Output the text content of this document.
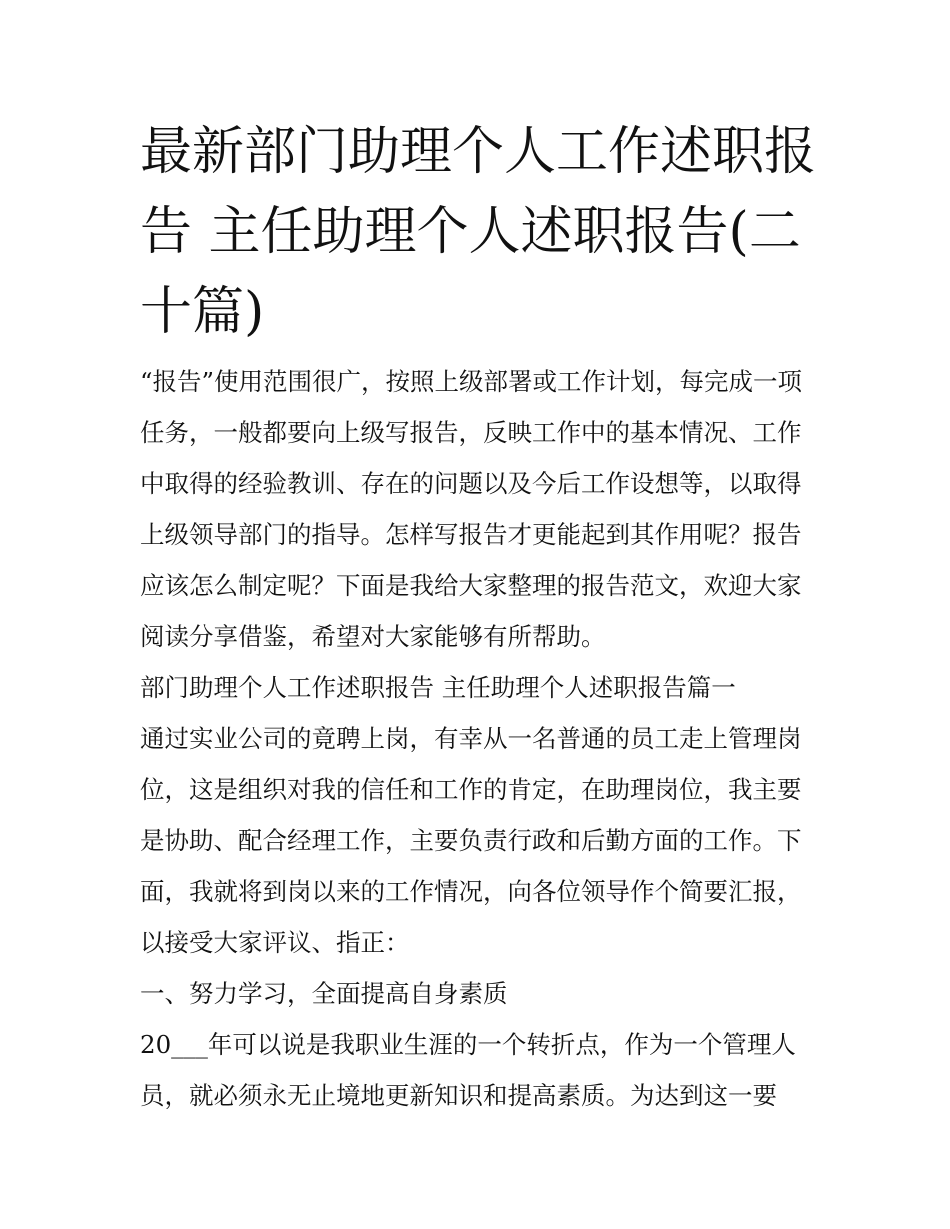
最新部门助理个人工作述职报
告 主任助理个人述职报告(二
十篇)
“报告”使用范围很广，按照上级部署或工作计划，每完成一项
任务，一般都要向上级写报告，反映工作中的基本情况、工作
中取得的经验教训、存在的问题以及今后工作设想等，以取得
上级领导部门的指导。怎样写报告才更能起到其作用呢？报告
应该怎么制定呢？下面是我给大家整理的报告范文，欢迎大家
阅读分享借鉴，希望对大家能够有所帮助。
部门助理个人工作述职报告 主任助理个人述职报告篇一
通过实业公司的竟聘上岗，有幸从一名普通的员工走上管理岗
位，这是组织对我的信任和工作的肯定，在助理岗位，我主要
是协助、配合经理工作，主要负责行政和后勤方面的工作。下
面，我就将到岗以来的工作情况，向各位领导作个简要汇报，
以接受大家评议、指正：
一、努力学习，全面提高自身素质
20___年可以说是我职业生涯的一个转折点，作为一个管理人
员，就必须永无止境地更新知识和提高素质。为达到这一要
